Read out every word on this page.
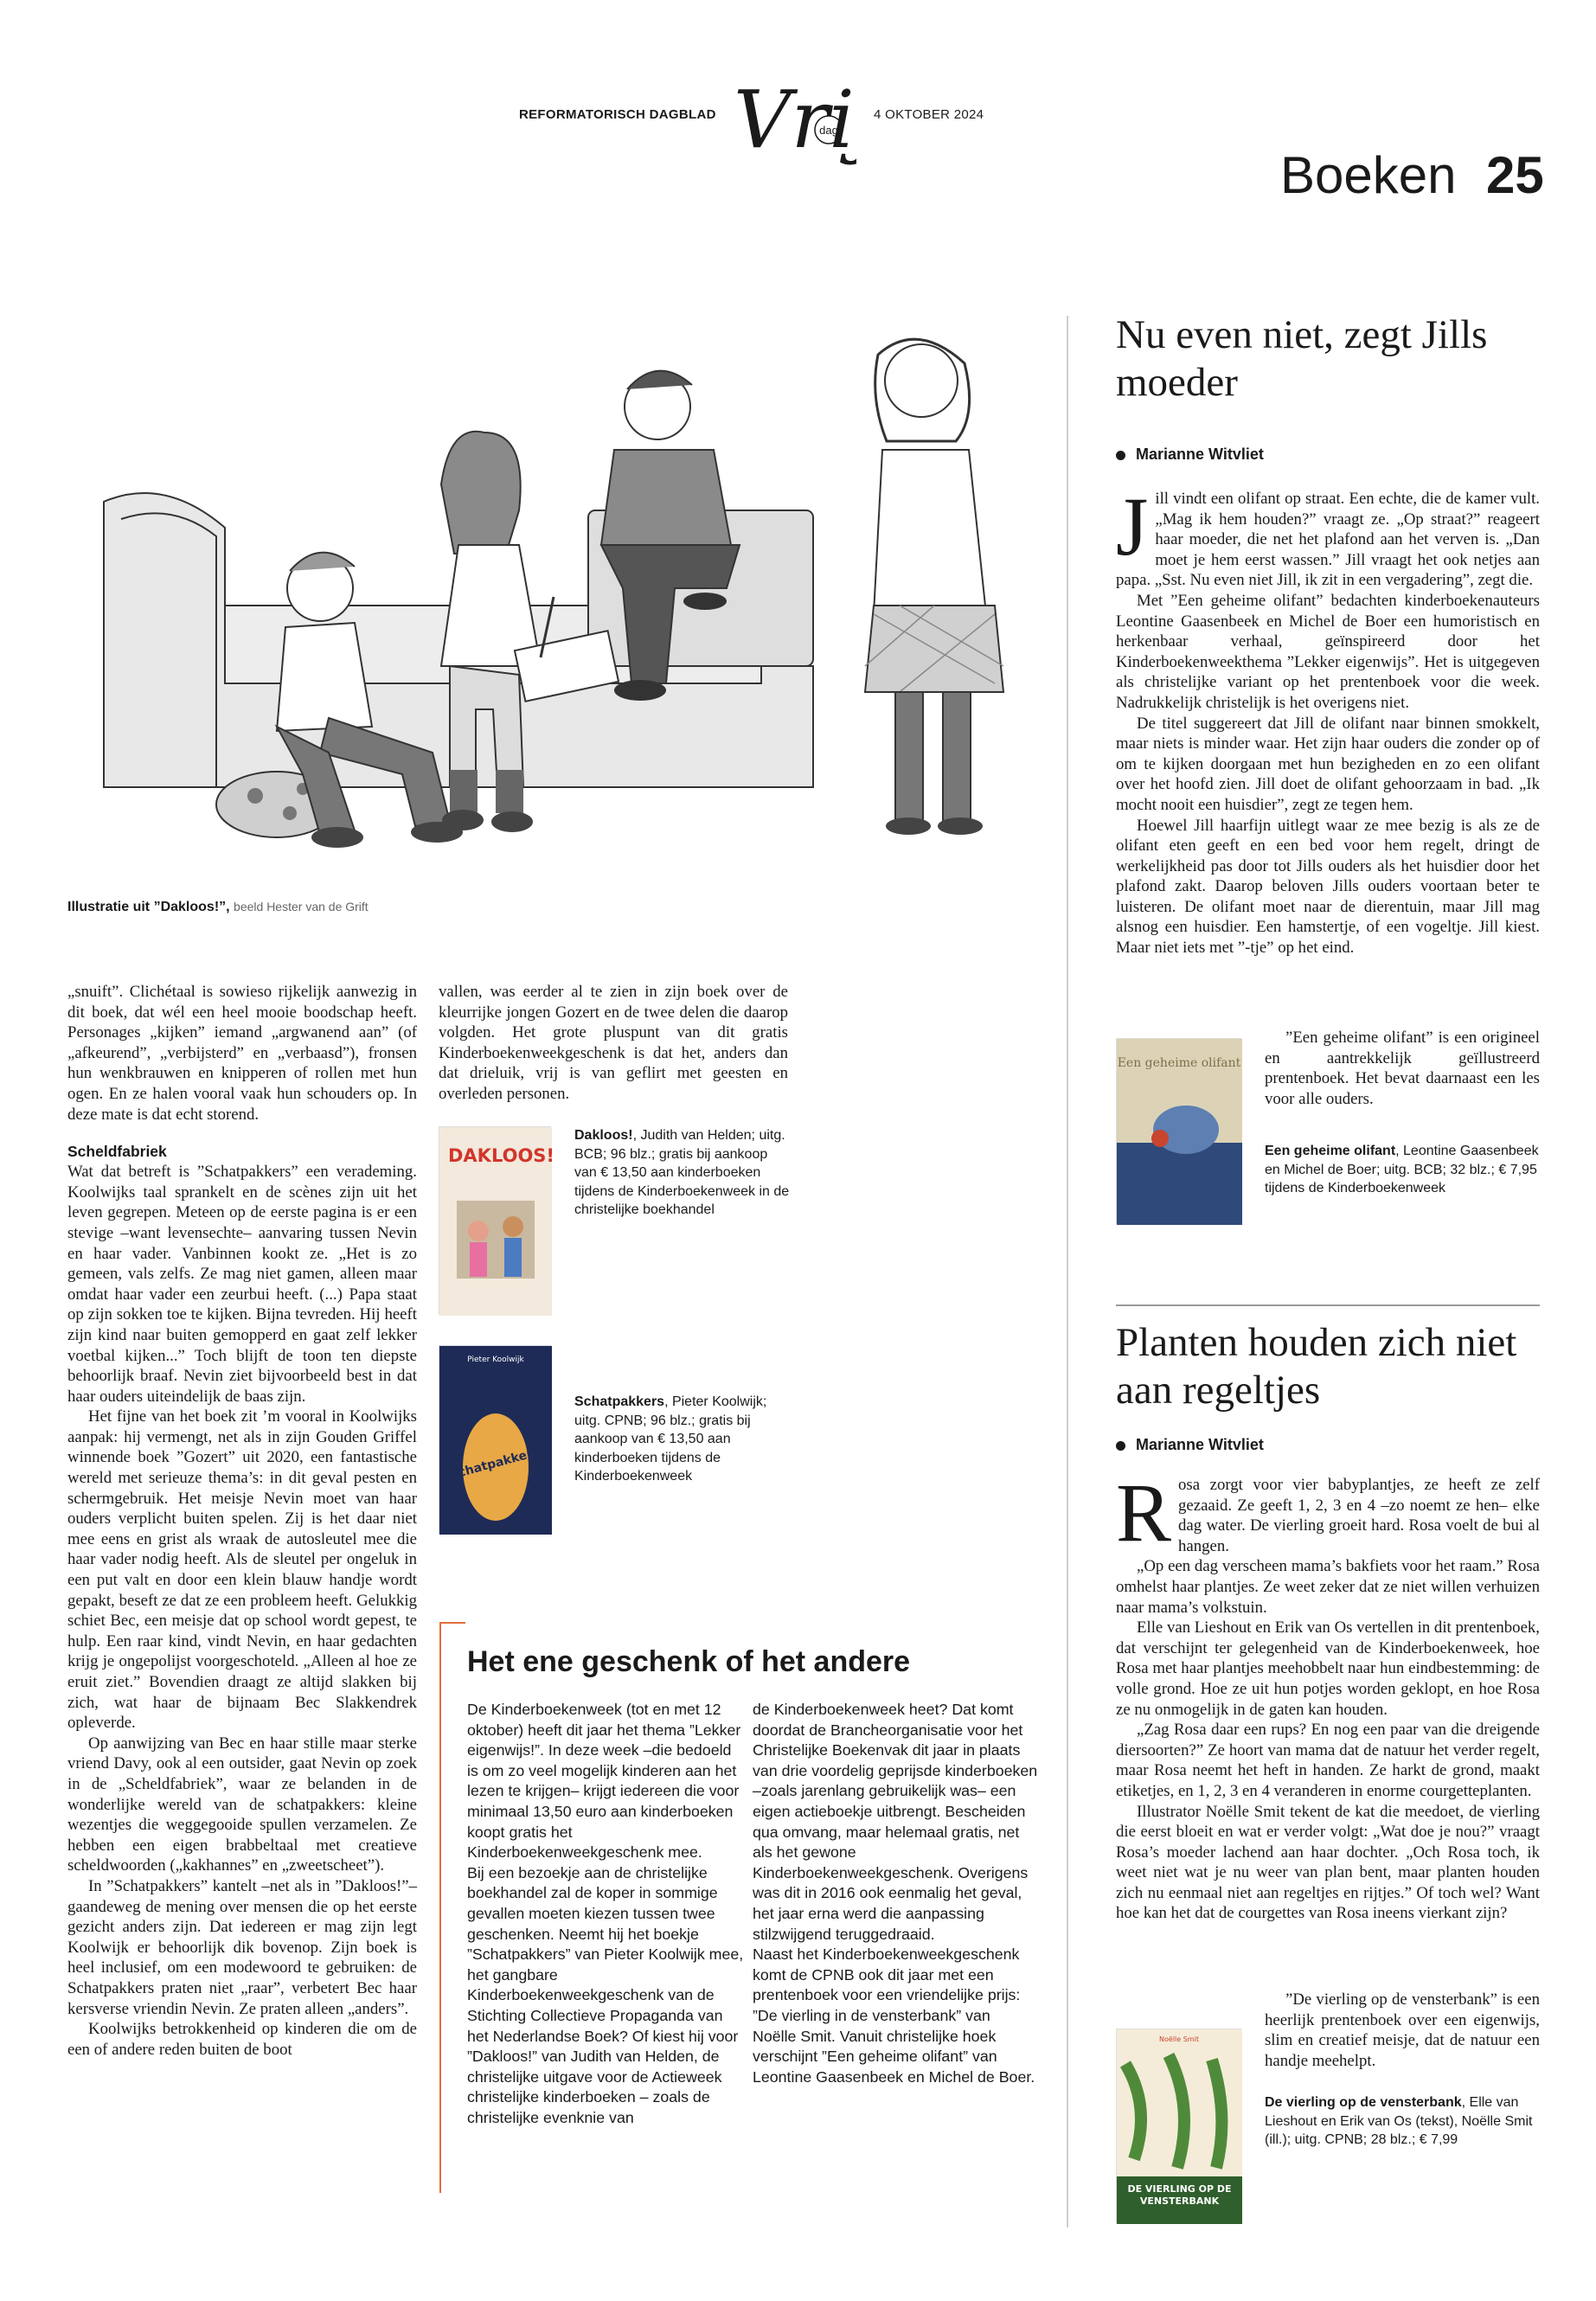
REFORMATORISCH DAGBLAD Vri
dag
4 OKTOBER 2024
Boeken 25
Illustratie uit ”Dakloos!”, beeld Hester van de Grift

„snuift”. Clichétaal is sowieso rijkelijk aanwezig in dit boek, dat wél een heel mooie boodschap heeft. Personages „kijken” iemand „argwanend aan” (of „afkeurend”, „verbijsterd” en „verbaasd”), fronsen hun wenkbrauwen en knipperen of rollen met hun ogen. En ze halen vooral vaak hun schouders op. In deze mate is dat echt storend.

Scheldfabriek

Wat dat betreft is ”Schatpakkers” een verademing. Koolwijks taal sprankelt en de scènes zijn uit het leven gegrepen. Meteen op de eerste pagina is er een stevige –want levensechte– aanvaring tussen Nevin en haar vader. Vanbinnen kookt ze. „Het is zo gemeen, vals zelfs. Ze mag niet gamen, alleen maar omdat haar vader een zeurbui heeft. (...) Papa staat op zijn sokken toe te kijken. Bijna tevreden. Hij heeft zijn kind naar buiten gemopperd en gaat zelf lekker voetbal kijken...” Toch blijft de toon ten diepste behoorlijk braaf. Nevin ziet bijvoorbeeld best in dat haar ouders uiteindelijk de baas zijn.

Het fijne van het boek zit ’m vooral in Koolwijks aanpak: hij vermengt, net als in zijn Gouden Griffel winnende boek ”Gozert” uit 2020, een fantastische wereld met serieuze thema’s: in dit geval pesten en schermgebruik. Het meisje Nevin moet van haar ouders verplicht buiten spelen. Zij is het daar niet mee eens en grist als wraak de autosleutel mee die haar vader nodig heeft. Als de sleutel per ongeluk in een put valt en door een klein blauw handje wordt gepakt, beseft ze dat ze een probleem heeft. Gelukkig schiet Bec, een meisje dat op school wordt gepest, te hulp. Een raar kind, vindt Nevin, en haar gedachten krijg je ongepolijst voorgeschoteld. „Alleen al hoe ze eruit ziet.” Bovendien draagt ze altijd slakken bij zich, wat haar de bijnaam Bec Slakkendrek opleverde.

Op aanwijzing van Bec en haar stille maar sterke vriend Davy, ook al een outsider, gaat Nevin op zoek in de „Scheldfabriek”, waar ze belanden in de wonderlijke wereld van de schatpakkers: kleine wezentjes die weggegooide spullen verzamelen. Ze hebben een eigen brabbeltaal met creatieve scheldwoorden („kakhannes” en „zweetscheet”).

In ”Schatpakkers” kantelt –net als in ”Dakloos!”– gaandeweg de mening over mensen die op het eerste gezicht anders zijn. Dat iedereen er mag zijn legt Koolwijk er behoorlijk dik bovenop. Zijn boek is heel inclusief, om een modewoord te gebruiken: de Schatpakkers praten niet „raar”, verbetert Bec haar kersverse vriendin Nevin. Ze praten alleen „anders”.

Koolwijks betrokkenheid op kinderen die om de een of andere reden buiten de boot

vallen, was eerder al te zien in zijn boek over de kleurrijke jongen Gozert en de twee delen die daarop volgden. Het grote pluspunt van dit gratis Kinderboekenweekgeschenk is dat het, anders dan dat drieluik, vrij is van geflirt met geesten en overleden personen.

DAKLOOS!
Dakloos!, Judith van Helden; uitg. BCB; 96 blz.; gratis bij aankoop van € 13,50 aan kinderboeken tijdens de Kinderboekenweek in de christelijke boekhandel
Pieter Koolwijk
Schatpakkers
Schatpakkers, Pieter Koolwijk; uitg. CPNB; 96 blz.; gratis bij aankoop van € 13,50 aan kinderboeken tijdens de Kinderboekenweek
Het ene geschenk of het andere

De Kinderboekenweek (tot en met 12 oktober) heeft dit jaar het thema ”Lekker eigenwijs!”. In deze week –die bedoeld is om zo veel mogelijk kinderen aan het lezen te krijgen– krijgt iedereen die voor minimaal 13,50 euro aan kinderboeken koopt gratis het Kinderboekenweekgeschenk mee.

Bij een bezoekje aan de christelijke boekhandel zal de koper in sommige gevallen moeten kiezen tussen twee geschenken. Neemt hij het boekje ”Schatpakkers” van Pieter Koolwijk mee, het gangbare Kinderboekenweekgeschenk van de Stichting Collectieve Propaganda van het Nederlandse Boek? Of kiest hij voor ”Dakloos!” van Judith van Helden, de christelijke uitgave voor de Actieweek christelijke kinderboeken – zoals de christelijke evenknie van

de Kinderboekenweek heet? Dat komt doordat de Brancheorganisatie voor het Christelijke Boekenvak dit jaar in plaats van drie voordelig geprijsde kinderboeken –zoals jarenlang gebruikelijk was– een eigen actieboekje uitbrengt. Bescheiden qua omvang, maar helemaal gratis, net als het gewone Kinderboekenweekgeschenk. Overigens was dit in 2016 ook eenmalig het geval, het jaar erna werd die aanpassing stilzwijgend teruggedraaid.

Naast het Kinderboekenweekgeschenk komt de CPNB ook dit jaar met een prentenboek voor een vriendelijke prijs: ”De vierling in de vensterbank” van Noëlle Smit. Vanuit christelijke hoek verschijnt ”Een geheime olifant” van Leontine Gaasenbeek en Michel de Boer.

Nu even niet, zegt Jills moeder
Marianne Witvliet
J ill vindt een olifant op straat. Een echte, die de kamer vult. „Mag ik hem houden?” vraagt ze. „Op straat?” reageert haar moeder, die net het plafond aan het verven is. „Dan moet je hem eerst wassen.” Jill vraagt het ook netjes aan papa. „Sst. Nu even niet Jill, ik zit in een vergadering”, zegt die.

Met ”Een geheime olifant” bedachten kinderboekenauteurs Leontine Gaasenbeek en Michel de Boer een humoristisch en herkenbaar verhaal, geïnspireerd door het Kinderboekenweekthema ”Lekker eigenwijs”. Het is uitgegeven als christelijke variant op het prentenboek voor die week. Nadrukkelijk christelijk is het overigens niet.

De titel suggereert dat Jill de olifant naar binnen smokkelt, maar niets is minder waar. Het zijn haar ouders die zonder op of om te kijken doorgaan met hun bezigheden en zo een olifant over het hoofd zien. Jill doet de olifant gehoorzaam in bad. „Ik mocht nooit een huisdier”, zegt ze tegen hem.

Hoewel Jill haarfijn uitlegt waar ze mee bezig is als ze de olifant eten geeft en een bed voor hem regelt, dringt de werkelijkheid pas door tot Jills ouders als het huisdier door het plafond zakt. Daarop beloven Jills ouders voortaan beter te luisteren. De olifant moet naar de dierentuin, maar Jill mag alsnog een huisdier. Een hamstertje, of een vogeltje. Jill kiest. Maar niet iets met ”-tje” op het eind.

Een geheime olifant

”Een geheime olifant” is een origineel en aantrekkelijk geïllustreerd prentenboek. Het bevat daarnaast een les voor alle ouders.

Een geheime olifant, Leontine Gaasenbeek en Michel de Boer; uitg. BCB; 32 blz.; € 7,95 tijdens de Kinderboekenweek
Planten houden zich niet aan regeltjes
Marianne Witvliet
R osa zorgt voor vier babyplantjes, ze heeft ze zelf gezaaid. Ze geeft 1, 2, 3 en 4 –zo noemt ze hen– elke dag water. De vierling groeit hard. Rosa voelt de bui al hangen.

„Op een dag verscheen mama’s bakfiets voor het raam.” Rosa omhelst haar plantjes. Ze weet zeker dat ze niet willen verhuizen naar mama’s volkstuin.

Elle van Lieshout en Erik van Os vertellen in dit prentenboek, dat verschijnt ter gelegenheid van de Kinderboekenweek, hoe Rosa met haar plantjes meehobbelt naar hun eindbestemming: de volle grond. Hoe ze uit hun potjes worden geklopt, en hoe Rosa ze nu onmogelijk in de gaten kan houden.

„Zag Rosa daar een rups? En nog een paar van die dreigende diersoorten?” Ze hoort van mama dat de natuur het verder regelt, maar Rosa neemt het heft in handen. Ze harkt de grond, maakt etiketjes, en 1, 2, 3 en 4 veranderen in enorme courgetteplanten.

Illustrator Noëlle Smit tekent de kat die meedoet, de vierling die eerst bloeit en wat er verder volgt: „Wat doe je nou?” vraagt Rosa’s moeder lachend aan haar dochter. „Och Rosa toch, ik weet niet wat je nu weer van plan bent, maar planten houden zich nu eenmaal niet aan regeltjes en rijtjes.” Of toch wel? Want hoe kan het dat de courgettes van Rosa ineens vierkant zijn?

Noëlle Smit
DE VIERLING OP DE VENSTERBANK

”De vierling op de vensterbank” is een heerlijk prentenboek over een eigenwijs, slim en creatief meisje, dat de natuur een handje meehelpt.

De vierling op de vensterbank, Elle van Lieshout en Erik van Os (tekst), Noëlle Smit (ill.); uitg. CPNB; 28 blz.; € 7,99
